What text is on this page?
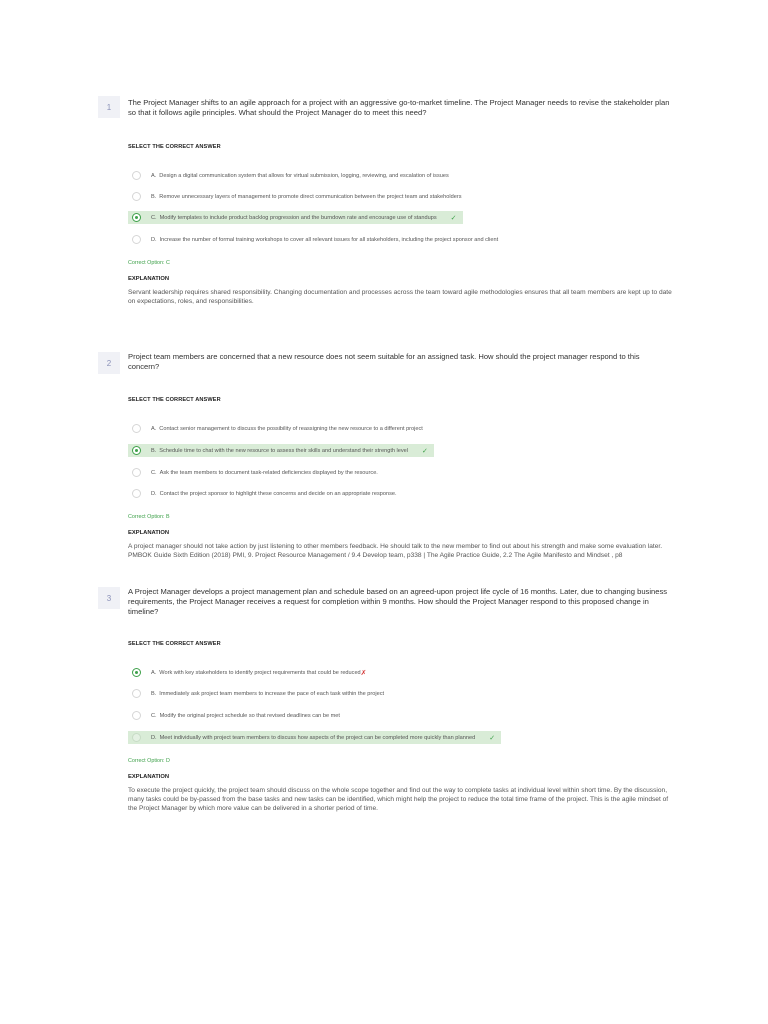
1	The Project Manager shifts to an agile approach for a project with an aggressive go-to-market timeline. The Project Manager needs to revise the stakeholder plan so that it follows agile principles. What should the Project Manager do to meet this need?
SELECT THE CORRECT ANSWER
A. Design a digital communication system that allows for virtual submission, logging, reviewing, and escalation of issues
B. Remove unnecessary layers of management to promote direct communication between the project team and stakeholders
C. Modify templates to include product backlog progression and the burndown rate and encourage use of standups ✓
D. Increase the number of formal training workshops to cover all relevant issues for all stakeholders, including the project sponsor and client
Correct Option: C
EXPLANATION
Servant leadership requires shared responsibility. Changing documentation and processes across the team toward agile methodologies ensures that all team members are kept up to date on expectations, roles, and responsibilities.
2
Project team members are concerned that a new resource does not seem suitable for an assigned task. How should the project manager respond to this concern?
SELECT THE CORRECT ANSWER
A. Contact senior management to discuss the possibility of reassigning the new resource to a different project
B. Schedule time to chat with the new resource to assess their skills and understand their strength level ✓
C. Ask the team members to document task-related deficiencies displayed by the resource.
D. Contact the project sponsor to highlight these concerns and decide on an appropriate response.
Correct Option: B
EXPLANATION
A project manager should not take action by just listening to other members feedback. He should talk to the new member to find out about his strength and make some evaluation later. PMBOK Guide Sixth Edition (2018) PMI, 9. Project Resource Management / 9.4 Develop team, p338 | The Agile Practice Guide, 2.2 The Agile Manifesto and Mindset , p8
3
A Project Manager develops a project management plan and schedule based on an agreed-upon project life cycle of 16 months. Later, due to changing business requirements, the Project Manager receives a request for completion within 9 months. How should the Project Manager respond to this proposed change in timeline?
SELECT THE CORRECT ANSWER
A. Work with key stakeholders to identify project requirements that could be reduced ✗
B. Immediately ask project team members to increase the pace of each task within the project
C. Modify the original project schedule so that revised deadlines can be met
D. Meet individually with project team members to discuss how aspects of the project can be completed more quickly than planned ✓
Correct Option: D
EXPLANATION
To execute the project quickly, the project team should discuss on the whole scope together and find out the way to complete tasks at individual level within short time. By the discussion, many tasks could be by-passed from the base tasks and new tasks can be identified, which might help the project to reduce the total time frame of the project. This is the agile mindset of the Project Manager by which more value can be delivered in a shorter period of time.
